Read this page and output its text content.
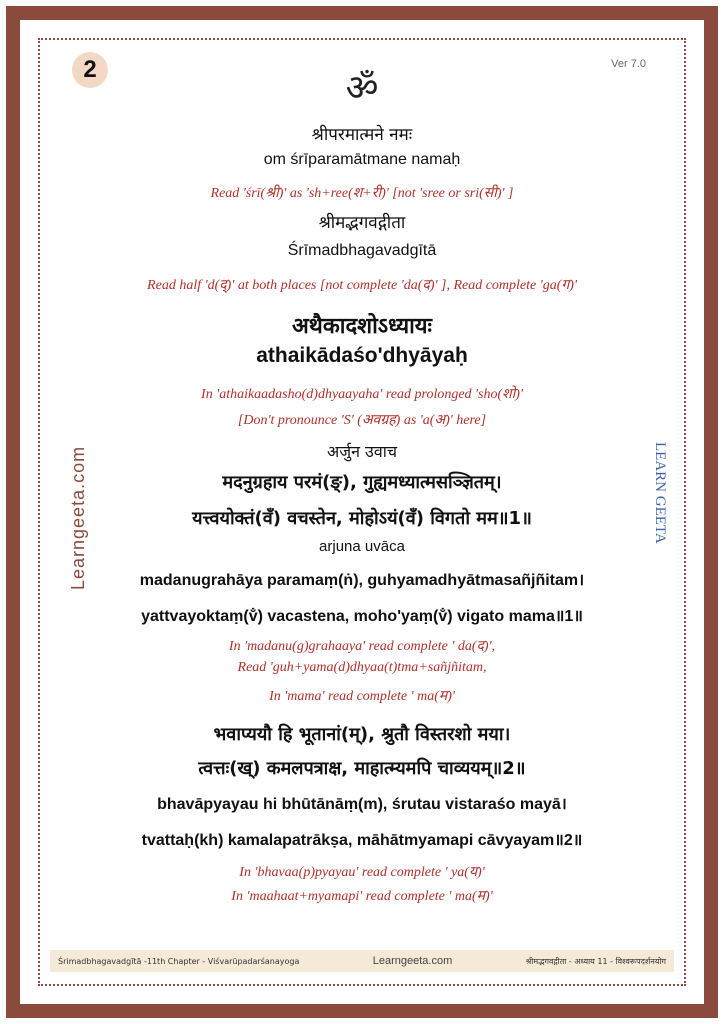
2	Ver 7.0
ॐ
श्रीपरमात्मने नमः
om śrīparamātmane namaḥ
Read 'śrī(श्री)' as 'sh+ree(श+री)' [not 'sree or sri(सी)' ]
श्रीमद्भगवद्गीता
Śrīmadbhagavadgītā
Read half 'd(द्)' at both places [not complete 'da(द)' ], Read complete 'ga(ग)'
अथैकादशोऽध्यायः
athaikādaśo'dhyāyaḥ
In 'athaikaadasho(d)dhyaayaha' read prolonged 'sho(शो)'
[Don't pronounce 'S' (अवग्रह) as 'a(अ)' here]
अर्जुन उवाच
मदनुग्रहाय परमं(ङ्), गुह्यमध्यात्मसञ्ज्ञितम्।
यत्त्वयोक्तं(वँ) वचस्तेन, मोहोऽयं(वँ) विगतो मम॥1॥
arjuna uvāca
madanugrahāya paramaṃ(ṅ), guhyamadhyātmasañjñitam।
yattvayoktaṃ(v̐) vacastena, moho'yaṃ(v̐) vigato mama॥1॥
In 'madanu(g)grahaaya' read complete ' da(द)',
Read 'guh+yama(d)dhyaa(t)tma+sañjñitam,
In 'mama' read complete ' ma(म)'
भवाप्ययौ हि भूतानां(म्), श्रुतौ विस्तरशो मया।
त्वत्तः(ख्) कमलपत्राक्ष, माहात्म्यमपि चाव्ययम्॥2॥
bhavāpyayau hi bhūtānāṃ(m), śrutau vistaraśo mayā।
tvattaḥ(kh) kamalapatrākṣa, māhātmyamapi cāvyayam॥2॥
In 'bhavaa(p)pyayau' read complete ' ya(य)'
In 'maahaat+myamapi' read complete ' ma(म)'
Learngeeta.com	LEARN GEETA
Śrimadbhagavadgītā -11th Chapter - Viśvarūpadarśanayoga	Learngeeta.com	श्रीमद्भगवद्गीता - अध्याय 11 - विश्वरूपदर्शनयोग
